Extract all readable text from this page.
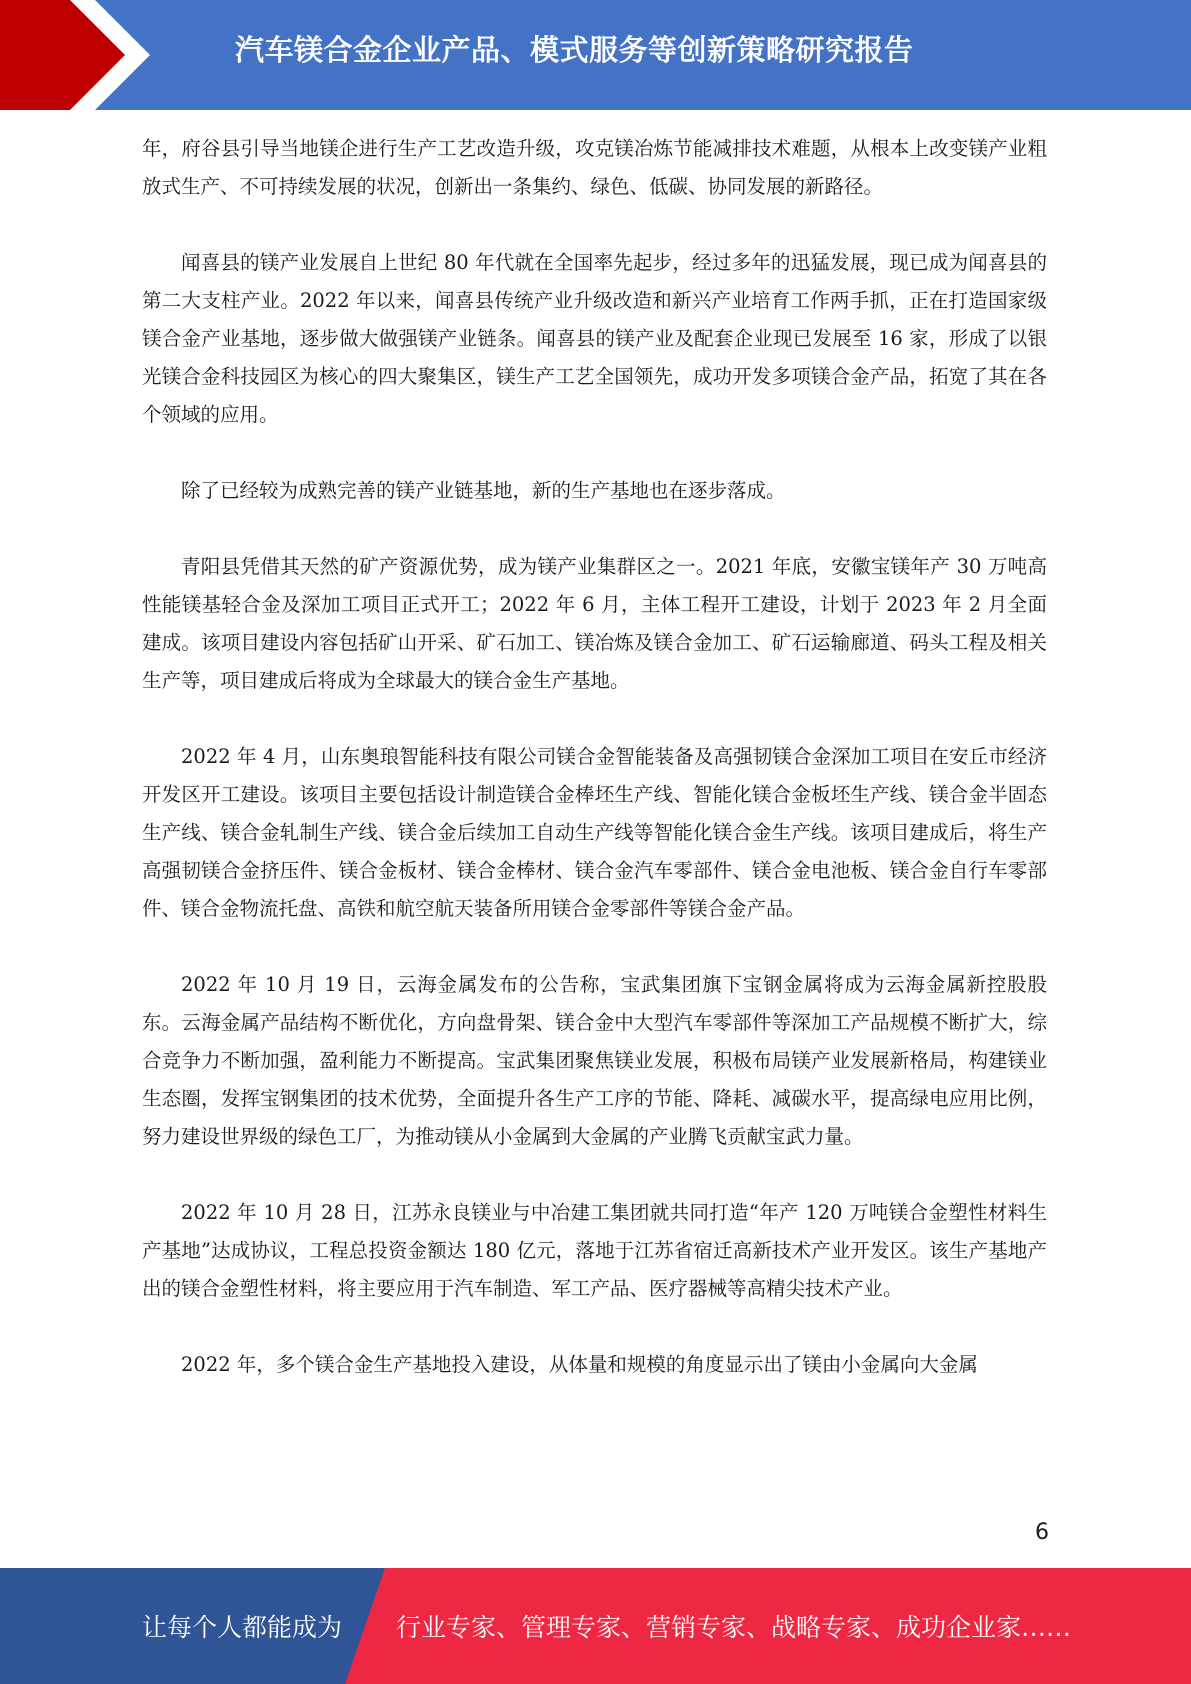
汽车镁合金企业产品、模式服务等创新策略研究报告

年，府谷县引导当地镁企进行生产工艺改造升级，攻克镁冶炼节能减排技术难题，从根本上改变镁产业粗放式生产、不可持续发展的状况，创新出一条集约、绿色、低碳、协同发展的新路径。

闻喜县的镁产业发展自上世纪 80 年代就在全国率先起步，经过多年的迅猛发展，现已成为闻喜县的第二大支柱产业。2022 年以来，闻喜县传统产业升级改造和新兴产业培育工作两手抓，正在打造国家级镁合金产业基地，逐步做大做强镁产业链条。闻喜县的镁产业及配套企业现已发展至 16 家，形成了以银光镁合金科技园区为核心的四大聚集区，镁生产工艺全国领先，成功开发多项镁合金产品，拓宽了其在各个领域的应用。

除了已经较为成熟完善的镁产业链基地，新的生产基地也在逐步落成。

青阳县凭借其天然的矿产资源优势，成为镁产业集群区之一。2021 年底，安徽宝镁年产 30 万吨高性能镁基轻合金及深加工项目正式开工；2022 年 6 月，主体工程开工建设，计划于 2023 年 2 月全面建成。该项目建设内容包括矿山开采、矿石加工、镁冶炼及镁合金加工、矿石运输廊道、码头工程及相关生产等，项目建成后将成为全球最大的镁合金生产基地。

2022 年 4 月，山东奥琅智能科技有限公司镁合金智能装备及高强韧镁合金深加工项目在安丘市经济开发区开工建设。该项目主要包括设计制造镁合金棒坯生产线、智能化镁合金板坯生产线、镁合金半固态生产线、镁合金轧制生产线、镁合金后续加工自动生产线等智能化镁合金生产线。该项目建成后，将生产高强韧镁合金挤压件、镁合金板材、镁合金棒材、镁合金汽车零部件、镁合金电池板、镁合金自行车零部件、镁合金物流托盘、高铁和航空航天装备所用镁合金零部件等镁合金产品。

2022 年 10 月 19 日，云海金属发布的公告称，宝武集团旗下宝钢金属将成为云海金属新控股股东。云海金属产品结构不断优化，方向盘骨架、镁合金中大型汽车零部件等深加工产品规模不断扩大，综合竞争力不断加强，盈利能力不断提高。宝武集团聚焦镁业发展，积极布局镁产业发展新格局，构建镁业生态圈，发挥宝钢集团的技术优势，全面提升各生产工序的节能、降耗、减碳水平，提高绿电应用比例，努力建设世界级的绿色工厂，为推动镁从小金属到大金属的产业腾飞贡献宝武力量。

2022 年 10 月 28 日，江苏永良镁业与中冶建工集团就共同打造“年产 120 万吨镁合金塑性材料生产基地”达成协议，工程总投资金额达 180 亿元，落地于江苏省宿迁高新技术产业开发区。该生产基地产出的镁合金塑性材料，将主要应用于汽车制造、军工产品、医疗器械等高精尖技术产业。

2022 年，多个镁合金生产基地投入建设，从体量和规模的角度显示出了镁由小金属向大金属

6
让每个人都能成为 行业专家、管理专家、营销专家、战略专家、成功企业家……
